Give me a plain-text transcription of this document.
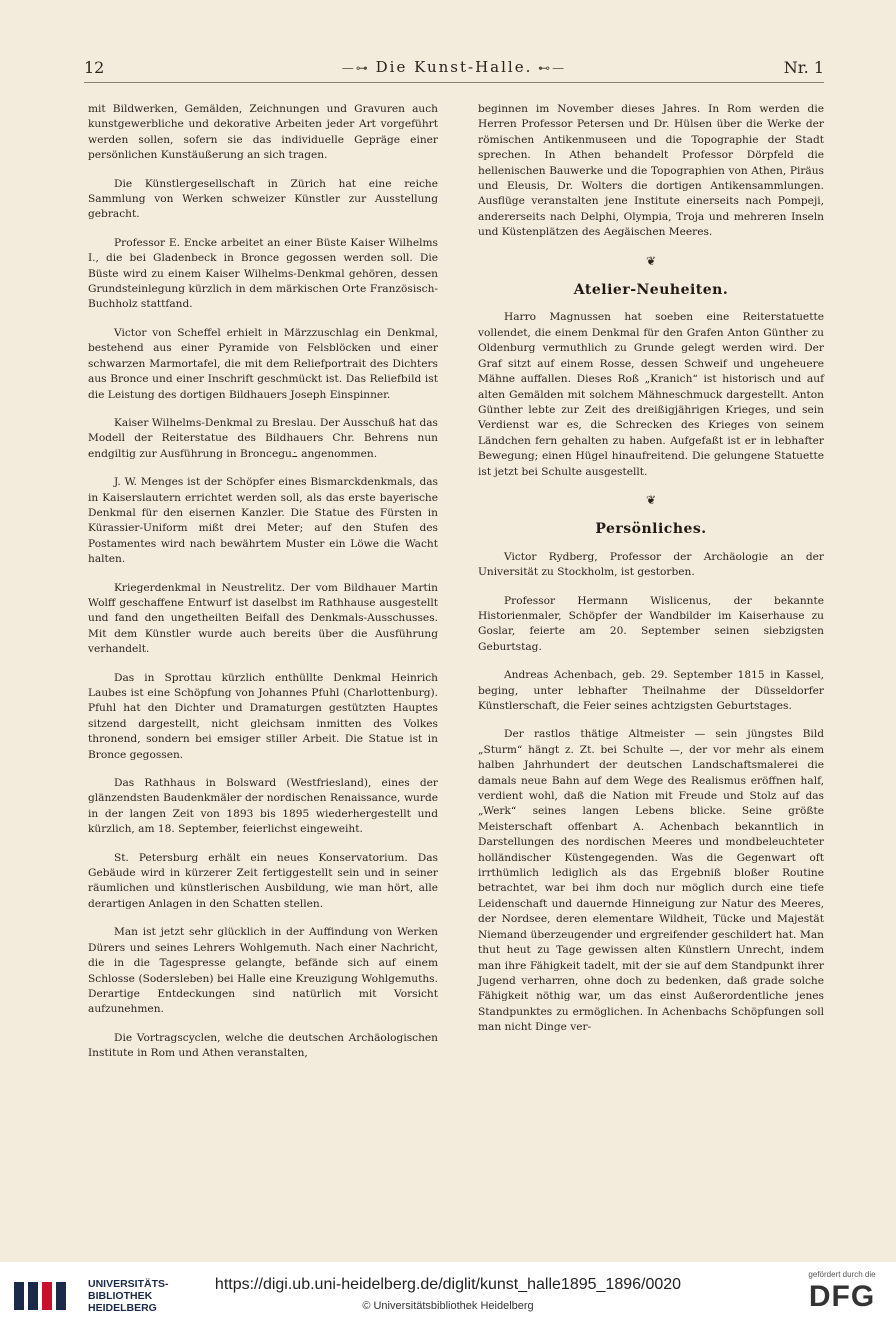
12	—⊶ Die Kunst-Halle. ⊷—	Nr. 1

mit Bildwerken, Gemälden, Zeichnungen und Gravuren auch kunstgewerbliche und dekorative Arbeiten jeder Art vorgeführt werden sollen, sofern sie das individuelle Gepräge einer persönlichen Kunstäußerung an sich tragen.

Die Künstlergesellschaft in Zürich hat eine reiche Sammlung von Werken schweizer Künstler zur Ausstellung gebracht.

Professor E. Encke arbeitet an einer Büste Kaiser Wilhelms I., die bei Gladenbeck in Bronce gegossen werden soll. Die Büste wird zu einem Kaiser Wilhelms-Denkmal gehören, dessen Grundsteinlegung kürzlich in dem märkischen Orte Französisch-Buchholz stattfand.

Victor von Scheffel erhielt in Märzzuschlag ein Denkmal, bestehend aus einer Pyramide von Felsblöcken und einer schwarzen Marmortafel, die mit dem Reliefportrait des Dichters aus Bronce und einer Inschrift geschmückt ist. Das Reliefbild ist die Leistung des dortigen Bildhauers Joseph Einspinner.

Kaiser Wilhelms-Denkmal zu Breslau. Der Ausschuß hat das Modell der Reiterstatue des Bildhauers Chr. Behrens nun endgiltig zur Ausführung in Broncegu߸ angenommen.

J. W. Menges ist der Schöpfer eines Bismarckdenkmals, das in Kaiserslautern errichtet werden soll, als das erste bayerische Denkmal für den eisernen Kanzler. Die Statue des Fürsten in Kürassier-Uniform mißt drei Meter; auf den Stufen des Postamentes wird nach bewährtem Muster ein Löwe die Wacht halten.

Kriegerdenkmal in Neustrelitz. Der vom Bildhauer Martin Wolff geschaffene Entwurf ist daselbst im Rathhause ausgestellt und fand den ungetheilten Beifall des Denkmals-Ausschusses. Mit dem Künstler wurde auch bereits über die Ausführung verhandelt.

Das in Sprottau kürzlich enthüllte Denkmal Heinrich Laubes ist eine Schöpfung von Johannes Pfuhl (Charlottenburg). Pfuhl hat den Dichter und Dramaturgen gestützten Hauptes sitzend dargestellt, nicht gleichsam inmitten des Volkes thronend, sondern bei emsiger stiller Arbeit. Die Statue ist in Bronce gegossen.

Das Rathhaus in Bolsward (Westfriesland), eines der glänzendsten Baudenkmäler der nordischen Renaissance, wurde in der langen Zeit von 1893 bis 1895 wiederhergestellt und kürzlich, am 18. September, feierlichst eingeweiht.

St. Petersburg erhält ein neues Konservatorium. Das Gebäude wird in kürzerer Zeit fertiggestellt sein und in seiner räumlichen und künstlerischen Ausbildung, wie man hört, alle derartigen Anlagen in den Schatten stellen.

Man ist jetzt sehr glücklich in der Auffindung von Werken Dürers und seines Lehrers Wohlgemuth. Nach einer Nachricht, die in die Tagespresse gelangte, befände sich auf einem Schlosse (Sodersleben) bei Halle eine Kreuzigung Wohlgemuths. Derartige Entdeckungen sind natürlich mit Vorsicht aufzunehmen.

Die Vortragscyclen, welche die deutschen Archäologischen Institute in Rom und Athen veranstalten,

beginnen im November dieses Jahres. In Rom werden die Herren Professor Petersen und Dr. Hülsen über die Werke der römischen Antikenmuseen und die Topographie der Stadt sprechen. In Athen behandelt Professor Dörpfeld die hellenischen Bauwerke und die Topographien von Athen, Piräus und Eleusis, Dr. Wolters die dortigen Antikensammlungen. Ausflüge veranstalten jene Institute einerseits nach Pompeji, andererseits nach Delphi, Olympia, Troja und mehreren Inseln und Küstenplätzen des Aegäischen Meeres.

❦
Atelier-Neuheiten.

Harro Magnussen hat soeben eine Reiterstatuette vollendet, die einem Denkmal für den Grafen Anton Günther zu Oldenburg vermuthlich zu Grunde gelegt werden wird. Der Graf sitzt auf einem Rosse, dessen Schweif und ungeheuere Mähne auffallen. Dieses Roß „Kranich“ ist historisch und auf alten Gemälden mit solchem Mähneschmuck dargestellt. Anton Günther lebte zur Zeit des dreißigjährigen Krieges, und sein Verdienst war es, die Schrecken des Krieges von seinem Ländchen fern gehalten zu haben. Aufgefaßt ist er in lebhafter Bewegung; einen Hügel hinaufreitend. Die gelungene Statuette ist jetzt bei Schulte ausgestellt.

❦
Persönliches.

Victor Rydberg, Professor der Archäologie an der Universität zu Stockholm, ist gestorben.

Professor Hermann Wislicenus, der bekannte Historienmaler, Schöpfer der Wandbilder im Kaiserhause zu Goslar, feierte am 20. September seinen siebzigsten Geburtstag.

Andreas Achenbach, geb. 29. September 1815 in Kassel, beging, unter lebhafter Theilnahme der Düsseldorfer Künstlerschaft, die Feier seines achtzigsten Geburtstages.

Der rastlos thätige Altmeister — sein jüngstes Bild „Sturm“ hängt z. Zt. bei Schulte —, der vor mehr als einem halben Jahrhundert der deutschen Landschaftsmalerei die damals neue Bahn auf dem Wege des Realismus eröffnen half, verdient wohl, daß die Nation mit Freude und Stolz auf das „Werk“ seines langen Lebens blicke. Seine größte Meisterschaft offenbart A. Achenbach bekanntlich in Darstellungen des nordischen Meeres und mondbeleuchteter holländischer Küstengegenden. Was die Gegenwart oft irrthümlich lediglich als das Ergebniß bloßer Routine betrachtet, war bei ihm doch nur möglich durch eine tiefe Leidenschaft und dauernde Hinneigung zur Natur des Meeres, der Nordsee, deren elementare Wildheit, Tücke und Majestät Niemand überzeugender und ergreifender geschildert hat. Man thut heut zu Tage gewissen alten Künstlern Unrecht, indem man ihre Fähigkeit tadelt, mit der sie auf dem Standpunkt ihrer Jugend verharren, ohne doch zu bedenken, daß grade solche Fähigkeit nöthig war, um das einst Außerordentliche jenes Standpunktes zu ermöglichen. In Achenbachs Schöpfungen soll man nicht Dinge ver-

UNIVERSITÄTS-BIBLIOTHEK HEIDELBERG
https://digi.ub.uni-heidelberg.de/diglit/kunst_halle1895_1896/0020
© Universitätsbibliothek Heidelberg
gefördert durch die
DFG
